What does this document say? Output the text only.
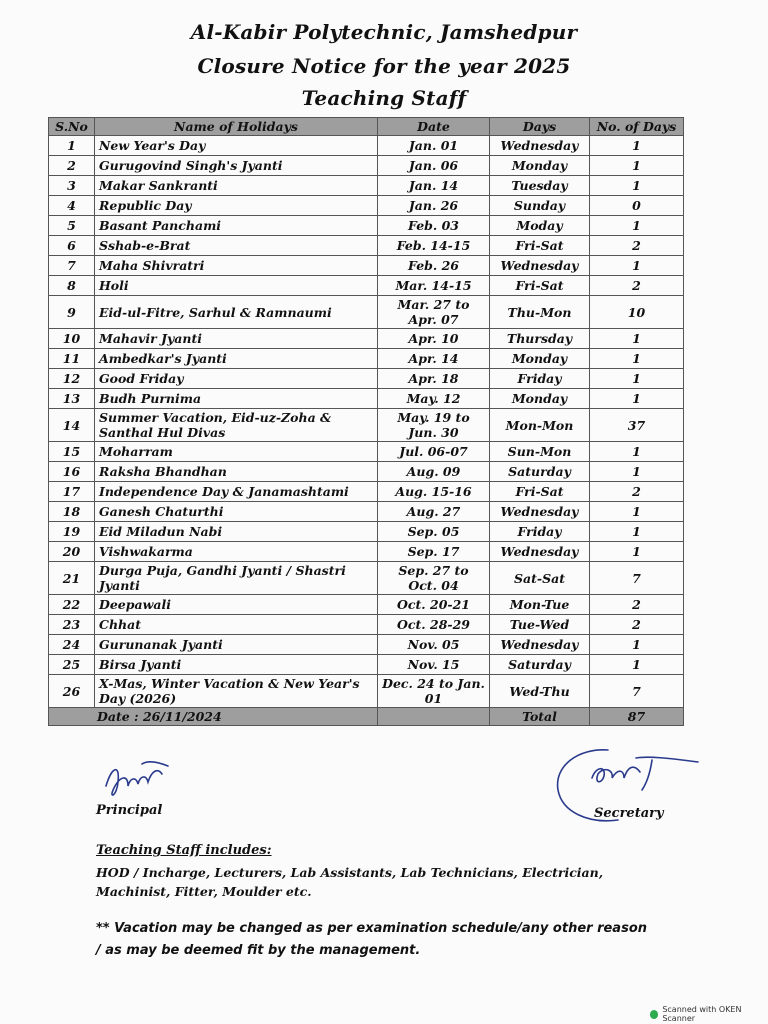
Al-Kabir Polytechnic, Jamshedpur
Closure Notice for the year 2025
Teaching Staff
S.No	Name of Holidays	Date	Days	No. of Days
1	New Year's Day	Jan. 01	Wednesday	1
2	Gurugovind Singh's Jyanti	Jan. 06	Monday	1
3	Makar Sankranti	Jan. 14	Tuesday	1
4	Republic Day	Jan. 26	Sunday	0
5	Basant Panchami	Feb. 03	Moday	1
6	Sshab-e-Brat	Feb. 14-15	Fri-Sat	2
7	Maha Shivratri	Feb. 26	Wednesday	1
8	Holi	Mar. 14-15	Fri-Sat	2
9	Eid-ul-Fitre, Sarhul & Ramnaumi	Mar. 27 to Apr. 07	Thu-Mon	10
10	Mahavir Jyanti	Apr. 10	Thursday	1
11	Ambedkar's Jyanti	Apr. 14	Monday	1
12	Good Friday	Apr. 18	Friday	1
13	Budh Purnima	May. 12	Monday	1
14	Summer Vacation, Eid-uz-Zoha & Santhal Hul Divas	May. 19 to Jun. 30	Mon-Mon	37
15	Moharram	Jul. 06-07	Sun-Mon	1
16	Raksha Bhandhan	Aug. 09	Saturday	1
17	Independence Day & Janamashtami	Aug. 15-16	Fri-Sat	2
18	Ganesh Chaturthi	Aug. 27	Wednesday	1
19	Eid Miladun Nabi	Sep. 05	Friday	1
20	Vishwakarma	Sep. 17	Wednesday	1
21	Durga Puja, Gandhi Jyanti / Shastri Jyanti	Sep. 27 to Oct. 04	Sat-Sat	7
22	Deepawali	Oct. 20-21	Mon-Tue	2
23	Chhat	Oct. 28-29	Tue-Wed	2
24	Gurunanak Jyanti	Nov. 05	Wednesday	1
25	Birsa Jyanti	Nov. 15	Saturday	1
26	X-Mas, Winter Vacation & New Year's Day (2026)	Dec. 24 to Jan. 01	Wed-Thu	7
Date : 26/11/2024			Total	87
Principal	Secretary
Teaching Staff includes:
HOD / Incharge, Lecturers, Lab Assistants, Lab Technicians, Electrician, Machinist, Fitter, Moulder etc.
** Vacation may be changed as per examination schedule/any other reason / as may be deemed fit by the management.
Scanned with OKEN Scanner
